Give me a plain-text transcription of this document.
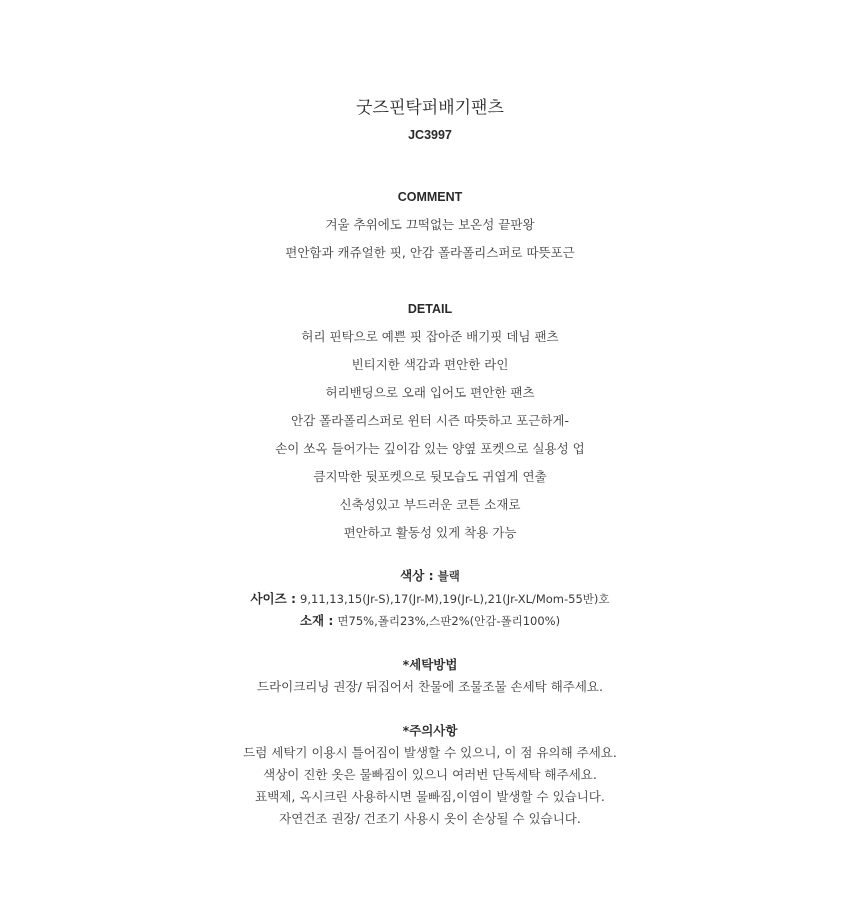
굿즈핀탁퍼배기팬츠
JC3997
COMMENT
겨울 추위에도 끄떡없는 보온성 끝판왕
편안함과 캐쥬얼한 핏, 안감 폴라폴리스퍼로 따뜻포근
DETAIL
허리 핀탁으로 예쁜 핏 잡아준 배기핏 데님 팬츠
빈티지한 색감과 편안한 라인
허리밴딩으로 오래 입어도 편안한 팬츠
안감 폴라폴리스퍼로 윈터 시즌 따뜻하고 포근하게-
손이 쏘옥 들어가는 깊이감 있는 양옆 포켓으로 실용성 업
큼지막한 뒷포켓으로 뒷모습도 귀엽게 연출
신축성있고 부드러운 코튼 소재로
편안하고 활동성 있게 착용 가능
색상 : 블랙
사이즈 : 9,11,13,15(Jr-S),17(Jr-M),19(Jr-L),21(Jr-XL/Mom-55반)호
소재 : 면75%,폴리23%,스판2%(안감-폴리100%)
*세탁방법
드라이크리닝 권장/ 뒤집어서 찬물에 조물조물 손세탁 해주세요.
*주의사항
드럼 세탁기 이용시 틀어짐이 발생할 수 있으니, 이 점 유의해 주세요.
색상이 진한 옷은 물빠짐이 있으니 여러번 단독세탁 해주세요.
표백제, 옥시크린 사용하시면 물빠짐,이염이 발생할 수 있습니다.
자연건조 권장/ 건조기 사용시 옷이 손상될 수 있습니다.
